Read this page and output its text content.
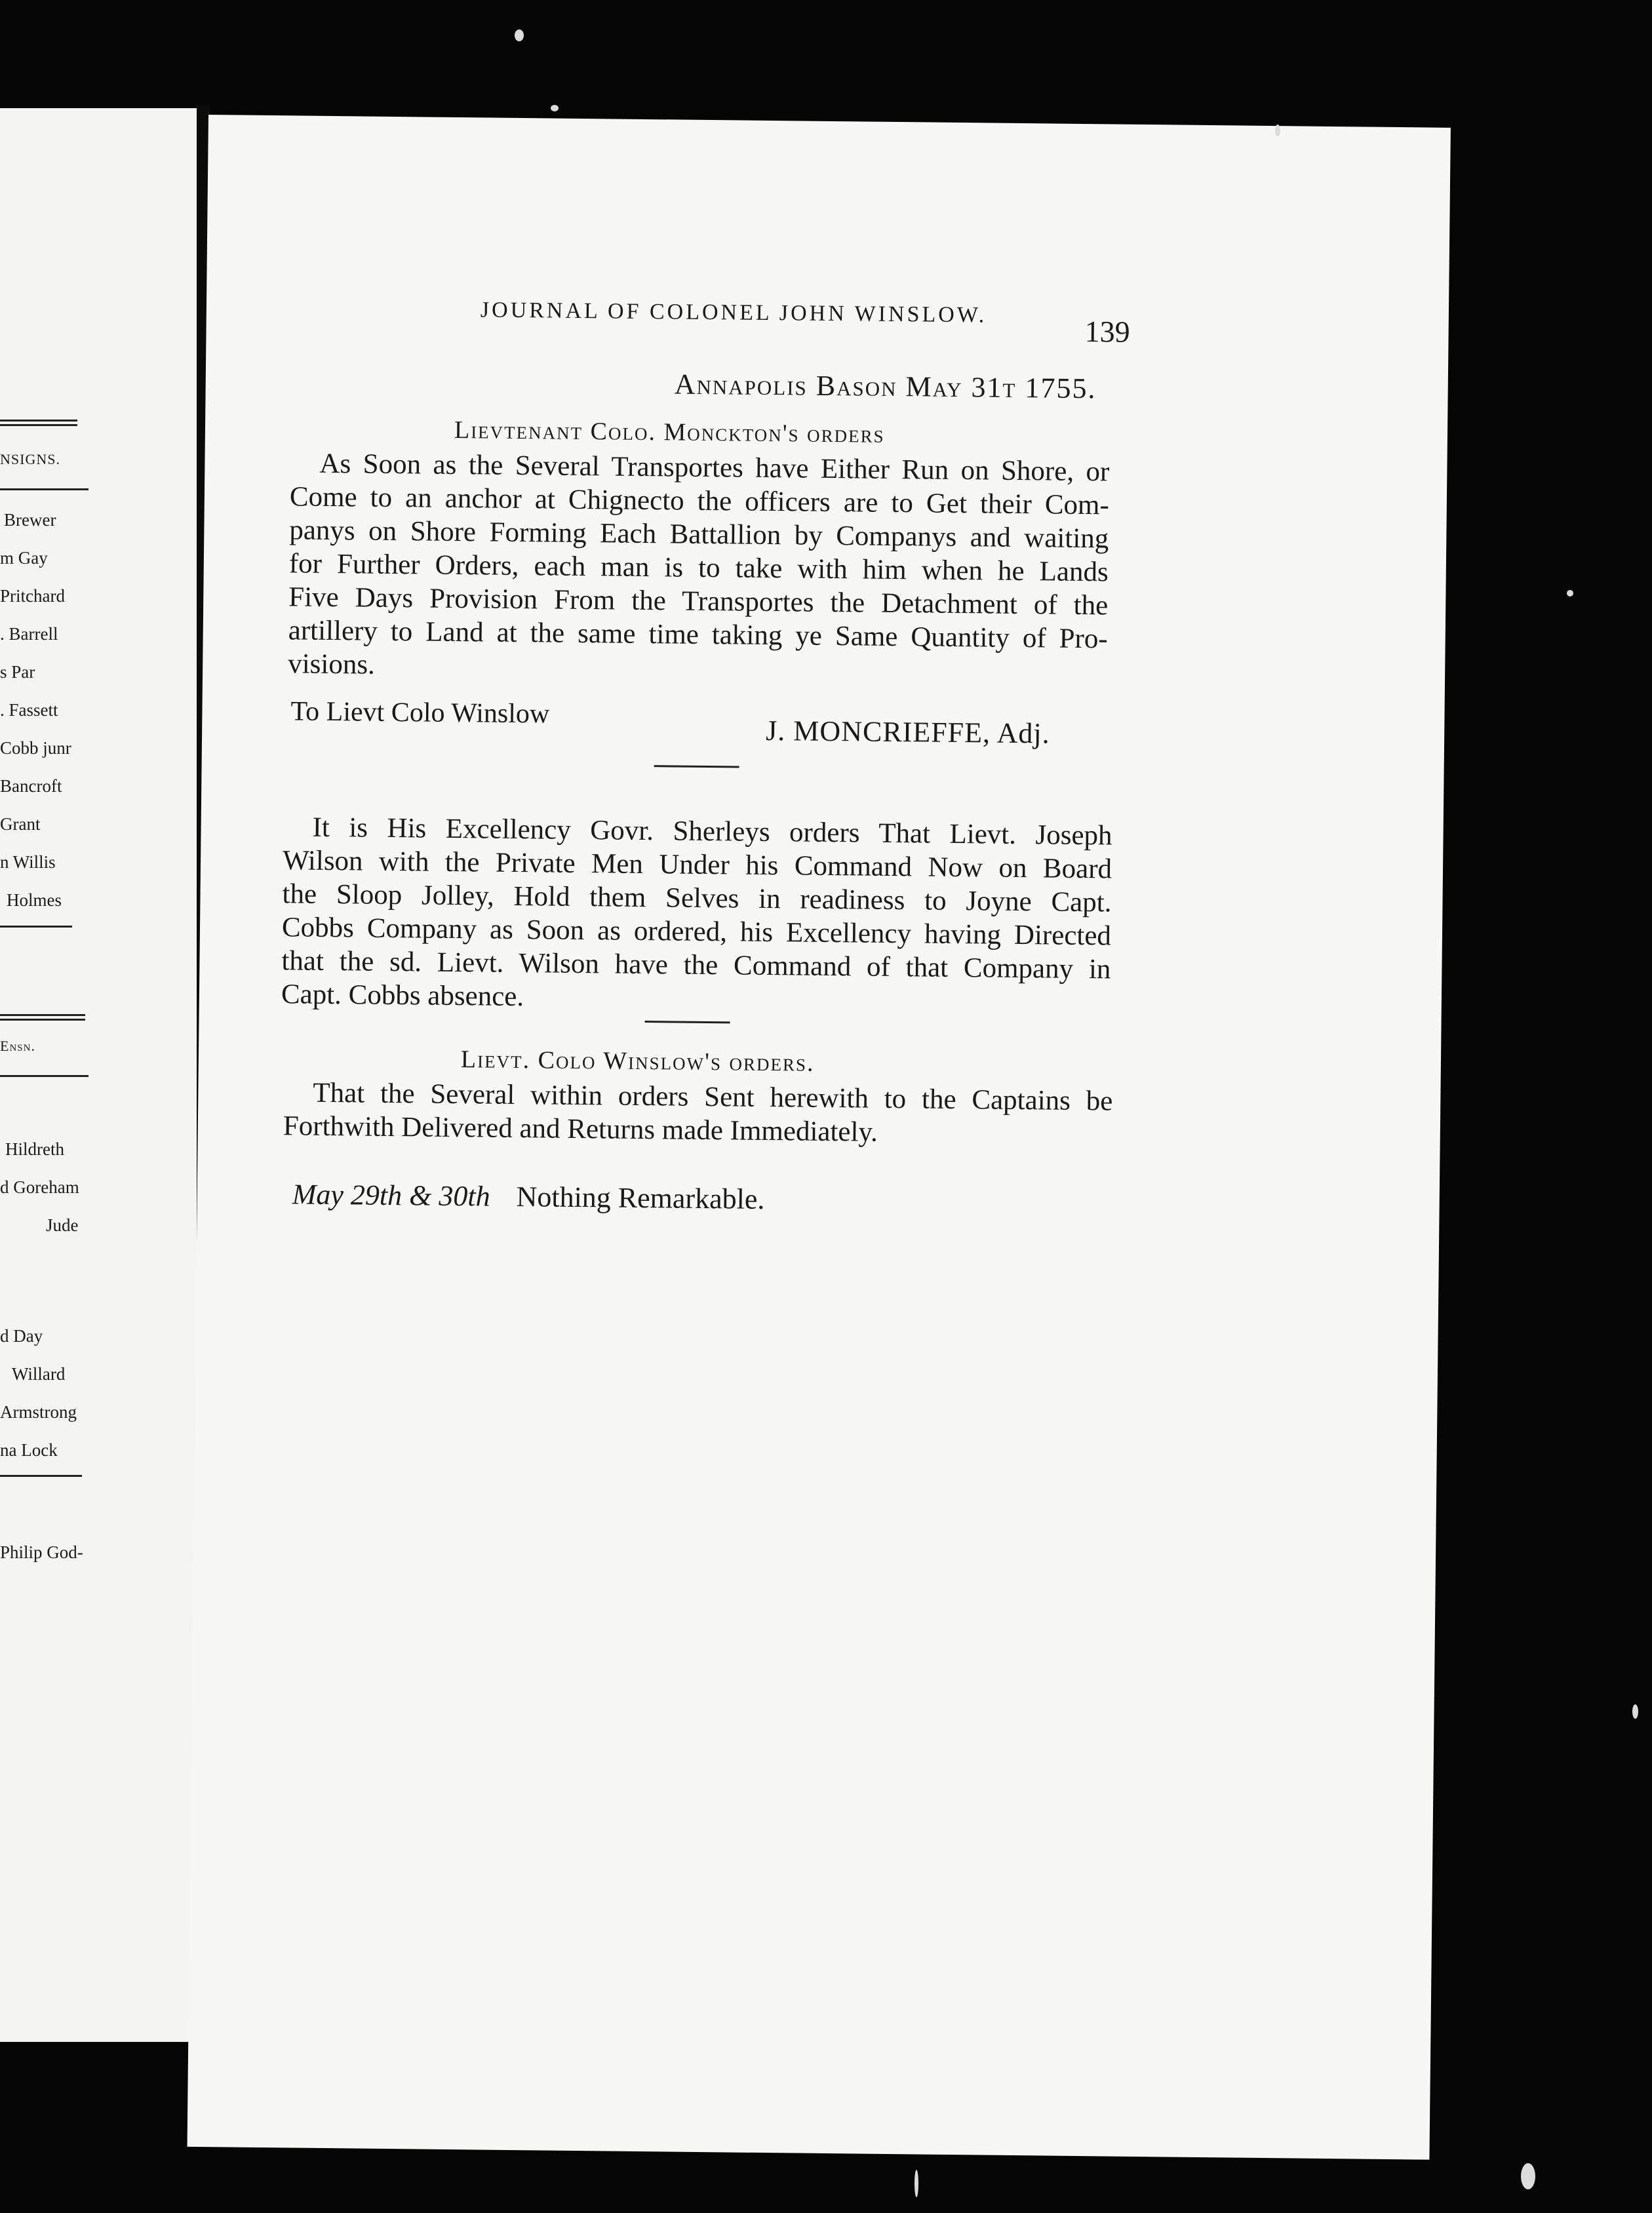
NSIGNS.
Brewer
m Gay
Pritchard
. Barrell
s Par
. Fassett
Cobb junr
Bancroft
Grant
n Willis
Holmes
Ensn.
Hildreth
d Goreham
Jude
d Day
Willard
Armstrong
na Lock
Philip God-
JOURNAL OF COLONEL JOHN WINSLOW.
139
Annapolis Bason May 31t 1755.
Lievtenant Colo. Monckton's orders
As Soon as the Several Transportes have Either Run on Shore, or
Come to an anchor at Chignecto the officers are to Get their Com-
panys on Shore Forming Each Battallion by Companys and waiting
for Further Orders, each man is to take with him when he Lands
Five Days Provision From the Transportes the Detachment of the
artillery to Land at the same time taking ye Same Quantity of Pro-
visions.
To Lievt Colo Winslow
J. MONCRIEFFE, Adj.
It is His Excellency Govr. Sherleys orders That Lievt. Joseph
Wilson with the Private Men Under his Command Now on Board
the Sloop Jolley, Hold them Selves in readiness to Joyne Capt.
Cobbs Company as Soon as ordered, his Excellency having Directed
that the sd. Lievt. Wilson have the Command of that Company in
Capt. Cobbs absence.
Lievt. Colo Winslow's orders.
That the Several within orders Sent herewith to the Captains be
Forthwith Delivered and Returns made Immediately.
May 29th & 30th Nothing Remarkable.
